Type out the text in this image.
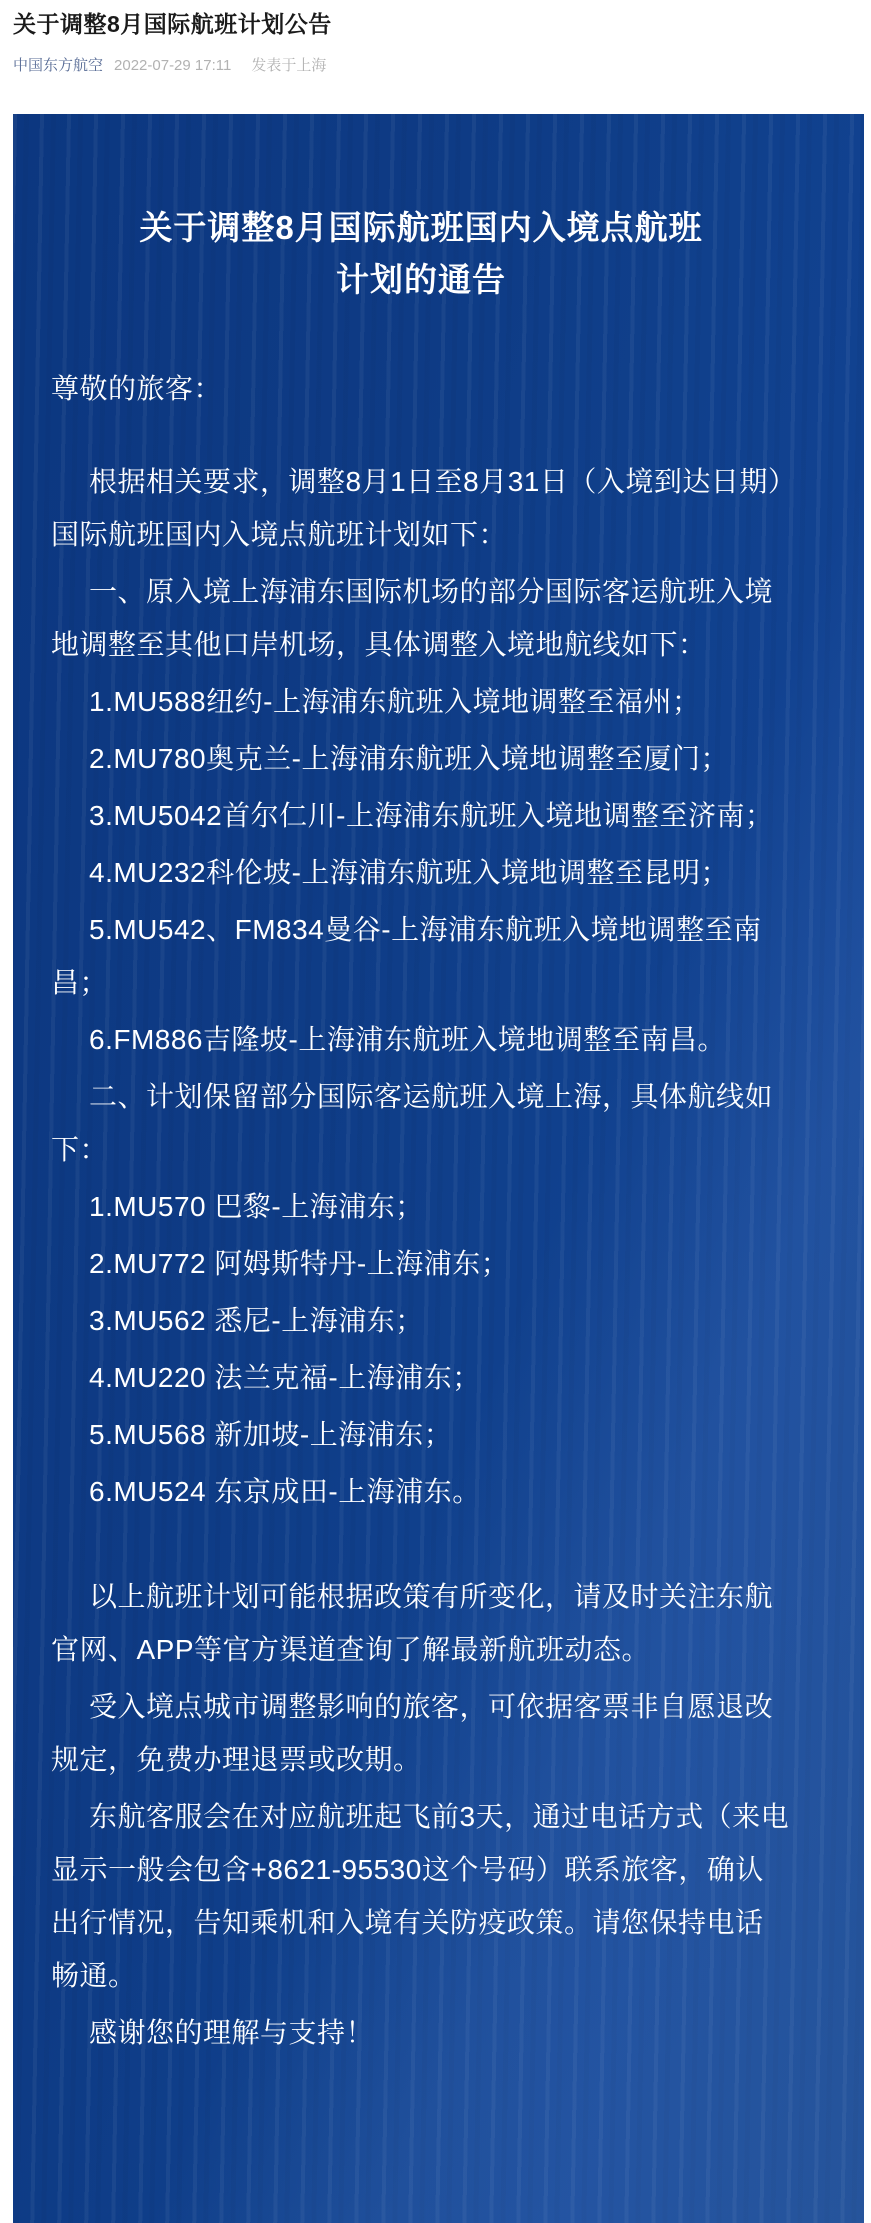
关于调整8月国际航班计划公告
中国东方航空 2022-07-29 17:11 发表于上海
关于调整8月国际航班国内入境点航班
计划的通告

尊敬的旅客：

根据相关要求，调整8月1日至8月31日（入境到达日期）国际航班国内入境点航班计划如下：

一、原入境上海浦东国际机场的部分国际客运航班入境地调整至其他口岸机场，具体调整入境地航线如下：

1.MU588纽约-上海浦东航班入境地调整至福州；

2.MU780奥克兰-上海浦东航班入境地调整至厦门；

3.MU5042首尔仁川-上海浦东航班入境地调整至济南；

4.MU232科伦坡-上海浦东航班入境地调整至昆明；

5.MU542、FM834曼谷-上海浦东航班入境地调整至南昌；

6.FM886吉隆坡-上海浦东航班入境地调整至南昌。

二、计划保留部分国际客运航班入境上海，具体航线如下：

1.MU570 巴黎-上海浦东；

2.MU772 阿姆斯特丹-上海浦东；

3.MU562 悉尼-上海浦东；

4.MU220 法兰克福-上海浦东；

5.MU568 新加坡-上海浦东；

6.MU524 东京成田-上海浦东。

以上航班计划可能根据政策有所变化，请及时关注东航官网、APP等官方渠道查询了解最新航班动态。

受入境点城市调整影响的旅客，可依据客票非自愿退改规定，免费办理退票或改期。

东航客服会在对应航班起飞前3天，通过电话方式（来电显示一般会包含+8621-95530这个号码）联系旅客，确认出行情况，告知乘机和入境有关防疫政策。请您保持电话畅通。

感谢您的理解与支持！
